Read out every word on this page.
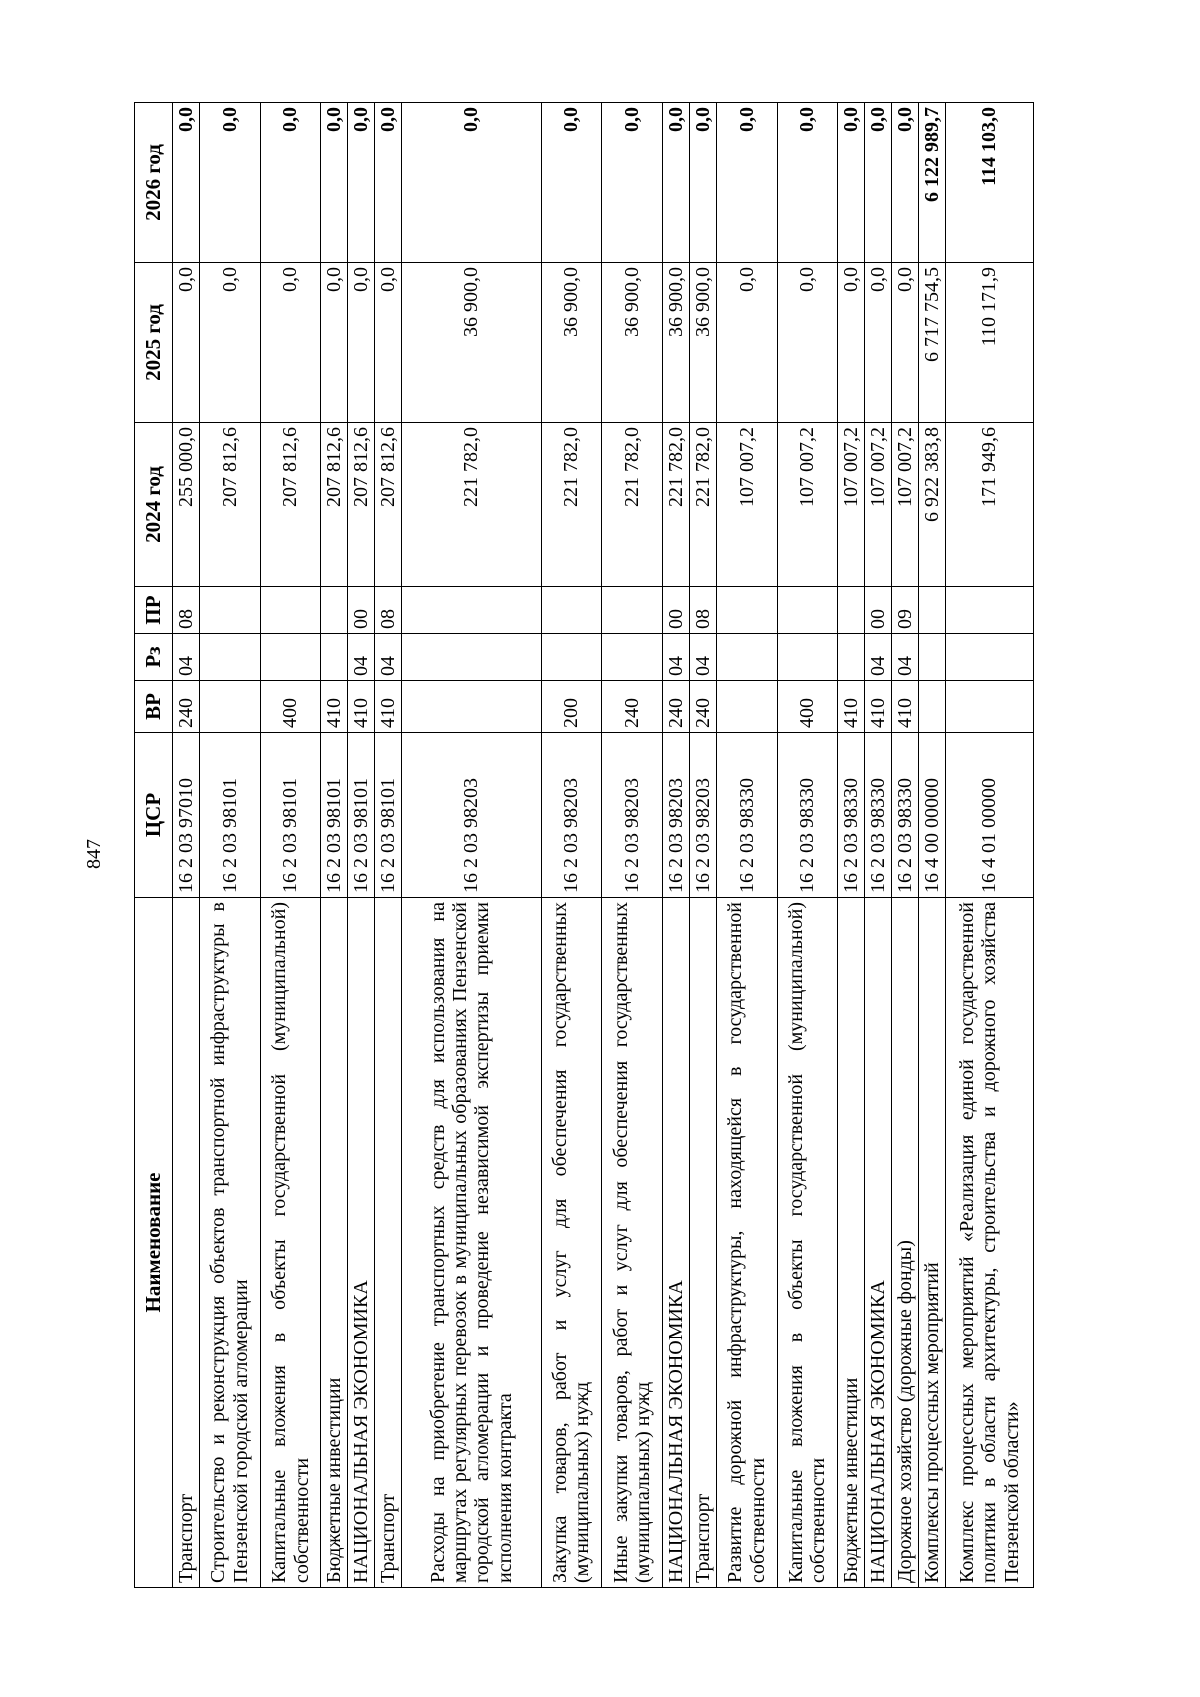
847
Наименование	ЦСР	ВР	Рз	ПР	2024 год	2025 год	2026 год
Транспорт	16 2 03 97010	240	04	08	255 000,0	0,0	0,0
Строительство и реконструкция объектов транспортной инфраструктуры в Пензенской городской агломерации	16 2 03 98101				207 812,6	0,0	0,0
Капитальные вложения в объекты государственной (муниципальной) собственности	16 2 03 98101	400			207 812,6	0,0	0,0
Бюджетные инвестиции	16 2 03 98101	410			207 812,6	0,0	0,0
НАЦИОНАЛЬНАЯ ЭКОНОМИКА	16 2 03 98101	410	04	00	207 812,6	0,0	0,0
Транспорт	16 2 03 98101	410	04	08	207 812,6	0,0	0,0
Расходы на приобретение транспортных средств для использования на маршрутах регулярных перевозок в муниципальных образованиях Пензенской городской агломерации и проведение независимой экспертизы приемки исполнения контракта	16 2 03 98203				221 782,0	36 900,0	0,0
Закупка товаров, работ и услуг для обеспечения государственных (муниципальных) нужд	16 2 03 98203	200			221 782,0	36 900,0	0,0
Иные закупки товаров, работ и услуг для обеспечения государственных (муниципальных) нужд	16 2 03 98203	240			221 782,0	36 900,0	0,0
НАЦИОНАЛЬНАЯ ЭКОНОМИКА	16 2 03 98203	240	04	00	221 782,0	36 900,0	0,0
Транспорт	16 2 03 98203	240	04	08	221 782,0	36 900,0	0,0
Развитие дорожной инфраструктуры, находящейся в государственной собственности	16 2 03 98330				107 007,2	0,0	0,0
Капитальные вложения в объекты государственной (муниципальной) собственности	16 2 03 98330	400			107 007,2	0,0	0,0
Бюджетные инвестиции	16 2 03 98330	410			107 007,2	0,0	0,0
НАЦИОНАЛЬНАЯ ЭКОНОМИКА	16 2 03 98330	410	04	00	107 007,2	0,0	0,0
Дорожное хозяйство (дорожные фонды)	16 2 03 98330	410	04	09	107 007,2	0,0	0,0
Комплексы процессных мероприятий	16 4 00 00000				6 922 383,8	6 717 754,5	6 122 989,7
Комплекс процессных мероприятий «Реализация единой государственной политики в области архитектуры, строительства и дорожного хозяйства Пензенской области»	16 4 01 00000				171 949,6	110 171,9	114 103,0
